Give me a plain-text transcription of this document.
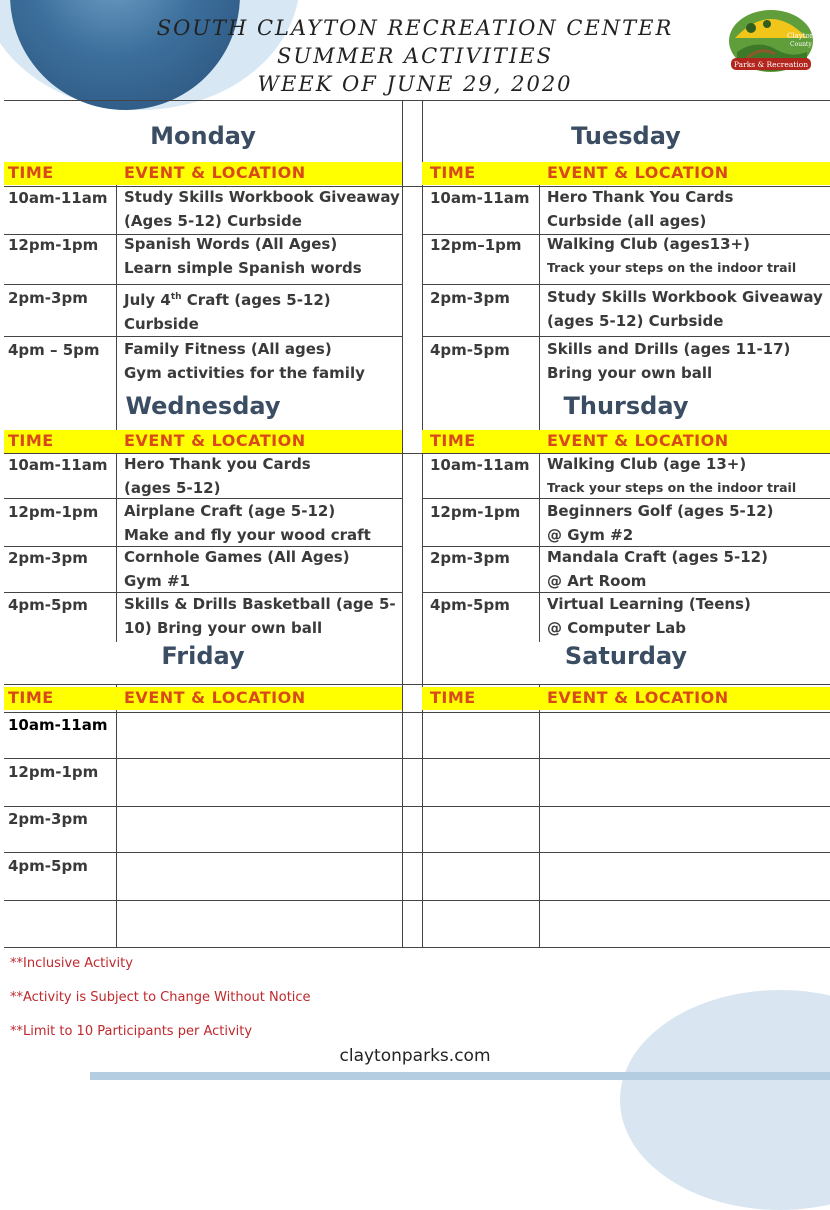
SOUTH CLAYTON RECREATION CENTER
SUMMER ACTIVITIES
WEEK OF JUNE 29, 2020
Clayton
County
Parks & Recreation
Monday	Tuesday
Wednesday	Thursday
Friday	Saturday
TIME	EVENT & LOCATION	TIME	EVENT & LOCATION
TIME	EVENT & LOCATION	TIME	EVENT & LOCATION
TIME	EVENT & LOCATION	TIME	EVENT & LOCATION
10am-11am Study Skills Workbook Giveaway
(Ages 5-12) Curbside
12pm-1pm Spanish Words (All Ages)
Learn simple Spanish words
2pm-3pm July 4th Craft (ages 5-12)
Curbside
4pm – 5pm Family Fitness (All ages)
Gym activities for the family
10am-11am Hero Thank You Cards
Curbside (all ages)
12pm–1pm Walking Club (ages13+)
Track your steps on the indoor trail
2pm-3pm Study Skills Workbook Giveaway
(ages 5-12) Curbside
4pm-5pm Skills and Drills (ages 11-17)
Bring your own ball
10am-11am Hero Thank you Cards
(ages 5-12)
12pm-1pm Airplane Craft (age 5-12)
Make and fly your wood craft
2pm-3pm Cornhole Games (All Ages)
Gym #1
4pm-5pm Skills & Drills Basketball (age 5-
10) Bring your own ball
10am-11am Walking Club (age 13+)
Track your steps on the indoor trail
12pm-1pm Beginners Golf (ages 5-12)
@ Gym #2
2pm-3pm Mandala Craft (ages 5-12)
@ Art Room
4pm-5pm Virtual Learning (Teens)
@ Computer Lab
10am-11am
12pm-1pm
2pm-3pm
4pm-5pm
**Inclusive Activity
**Activity is Subject to Change Without Notice
**Limit to 10 Participants per Activity
claytonparks.com
